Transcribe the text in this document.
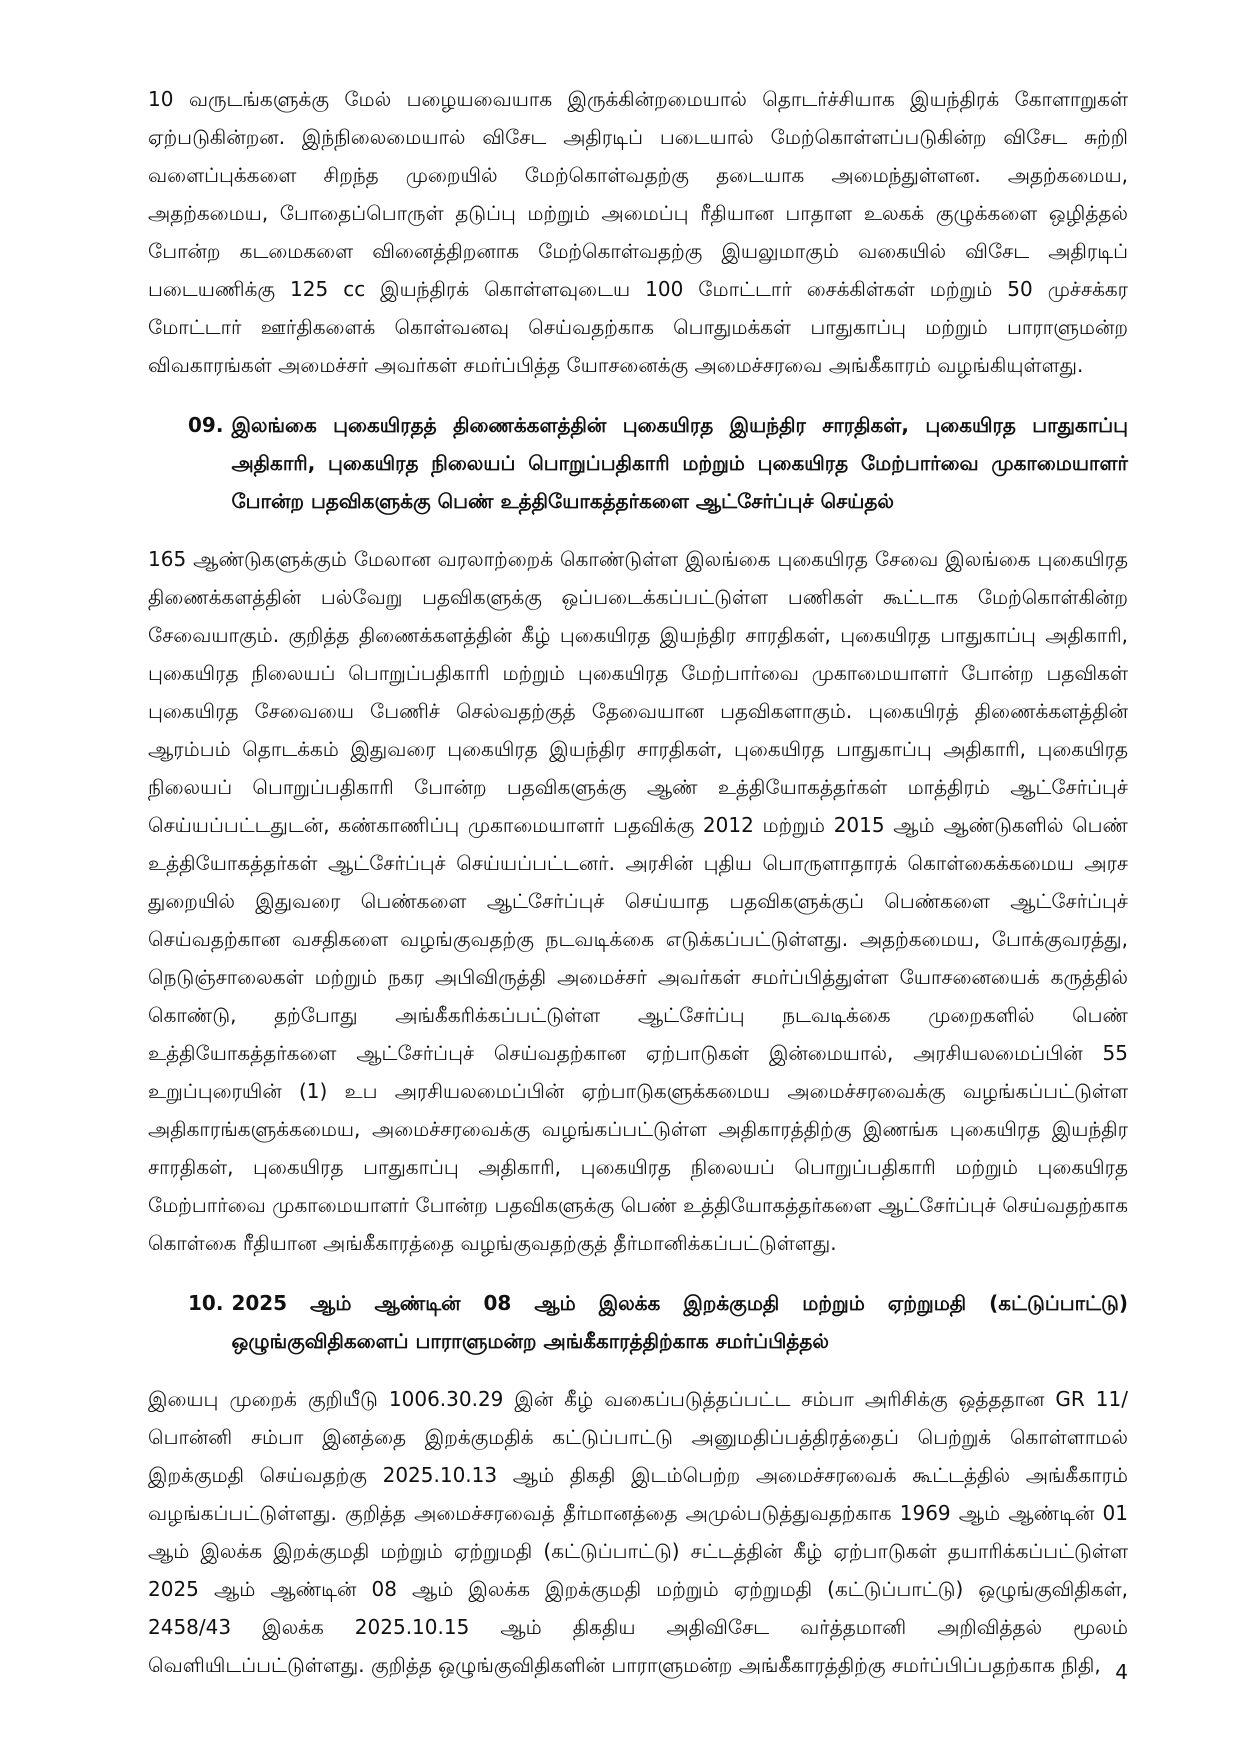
10 வருடங்களுக்கு மேல் பழையவையாக இருக்கின்றமையால் தொடர்ச்சியாக இயந்திரக் கோளாறுகள் ஏற்படுகின்றன. இந்நிலைமையால் விசேட அதிரடிப் படையால் மேற்கொள்ளப்படுகின்ற விசேட சுற்றி வளைப்புக்களை சிறந்த முறையில் மேற்கொள்வதற்கு தடையாக அமைந்துள்ளன. அதற்கமைய, அதற்கமைய, போதைப்பொருள் தடுப்பு மற்றும் அமைப்பு ரீதியான பாதாள உலகக் குழுக்களை ஒழித்தல் போன்ற கடமைகளை வினைத்திறனாக மேற்கொள்வதற்கு இயலுமாகும் வகையில் விசேட அதிரடிப் படையணிக்கு 125 cc இயந்திரக் கொள்ளவுடைய 100 மோட்டார் சைக்கிள்கள் மற்றும் 50 முச்சக்கர மோட்டார் ஊர்திகளைக் கொள்வனவு செய்வதற்காக பொதுமக்கள் பாதுகாப்பு மற்றும் பாராளுமன்ற விவகாரங்கள் அமைச்சர் அவர்கள் சமர்ப்பித்த யோசனைக்கு அமைச்சரவை அங்கீகாரம் வழங்கியுள்ளது.

09. இலங்கை புகையிரதத் திணைக்களத்தின் புகையிரத இயந்திர சாரதிகள், புகையிரத பாதுகாப்பு அதிகாரி, புகையிரத நிலையப் பொறுப்பதிகாரி மற்றும் புகையிரத மேற்பார்வை முகாமையாளர் போன்ற பதவிகளுக்கு பெண் உத்தியோகத்தர்களை ஆட்சேர்ப்புச் செய்தல்

165 ஆண்டுகளுக்கும் மேலான வரலாற்றைக் கொண்டுள்ள இலங்கை புகையிரத சேவை இலங்கை புகையிரத திணைக்களத்தின் பல்வேறு பதவிகளுக்கு ஒப்படைக்கப்பட்டுள்ள பணிகள் கூட்டாக மேற்கொள்கின்ற சேவையாகும். குறித்த திணைக்களத்தின் கீழ் புகையிரத இயந்திர சாரதிகள், புகையிரத பாதுகாப்பு அதிகாரி, புகையிரத நிலையப் பொறுப்பதிகாரி மற்றும் புகையிரத மேற்பார்வை முகாமையாளர் போன்ற பதவிகள் புகையிரத சேவையை பேணிச் செல்வதற்குத் தேவையான பதவிகளாகும். புகையிரத் திணைக்களத்தின் ஆரம்பம் தொடக்கம் இதுவரை புகையிரத இயந்திர சாரதிகள், புகையிரத பாதுகாப்பு அதிகாரி, புகையிரத நிலையப் பொறுப்பதிகாரி போன்ற பதவிகளுக்கு ஆண் உத்தியோகத்தர்கள் மாத்திரம் ஆட்சேர்ப்புச் செய்யப்பட்டதுடன், கண்காணிப்பு முகாமையாளர் பதவிக்கு 2012 மற்றும் 2015 ஆம் ஆண்டுகளில் பெண் உத்தியோகத்தர்கள் ஆட்சேர்ப்புச் செய்யப்பட்டனர். அரசின் புதிய பொருளாதாரக் கொள்கைக்கமைய அரச துறையில் இதுவரை பெண்களை ஆட்சேர்ப்புச் செய்யாத பதவிகளுக்குப் பெண்களை ஆட்சேர்ப்புச் செய்வதற்கான வசதிகளை வழங்குவதற்கு நடவடிக்கை எடுக்கப்பட்டுள்ளது. அதற்கமைய, போக்குவரத்து, நெடுஞ்சாலைகள் மற்றும் நகர அபிவிருத்தி அமைச்சர் அவர்கள் சமர்ப்பித்துள்ள யோசனையைக் கருத்தில் கொண்டு, தற்போது அங்கீகரிக்கப்பட்டுள்ள ஆட்சேர்ப்பு நடவடிக்கை முறைகளில் பெண் உத்தியோகத்தர்களை ஆட்சேர்ப்புச் செய்வதற்கான ஏற்பாடுகள் இன்மையால், அரசியலமைப்பின் 55 உறுப்புரையின் (1) உப அரசியலமைப்பின் ஏற்பாடுகளுக்கமைய அமைச்சரவைக்கு வழங்கப்பட்டுள்ள அதிகாரங்களுக்கமைய, அமைச்சரவைக்கு வழங்கப்பட்டுள்ள அதிகாரத்திற்கு இணங்க புகையிரத இயந்திர சாரதிகள், புகையிரத பாதுகாப்பு அதிகாரி, புகையிரத நிலையப் பொறுப்பதிகாரி மற்றும் புகையிரத மேற்பார்வை முகாமையாளர் போன்ற பதவிகளுக்கு பெண் உத்தியோகத்தர்களை ஆட்சேர்ப்புச் செய்வதற்காக கொள்கை ரீதியான அங்கீகாரத்தை வழங்குவதற்குத் தீர்மானிக்கப்பட்டுள்ளது.

10. 2025 ஆம் ஆண்டின் 08 ஆம் இலக்க இறக்குமதி மற்றும் ஏற்றுமதி (கட்டுப்பாட்டு) ஒழுங்குவிதிகளைப் பாராளுமன்ற அங்கீகாரத்திற்காக சமர்ப்பித்தல்

இயைபு முறைக் குறியீடு 1006.30.29 இன் கீழ் வகைப்படுத்தப்பட்ட சம்பா அரிசிக்கு ஒத்ததான GR 11/ பொன்னி சம்பா இனத்தை இறக்குமதிக் கட்டுப்பாட்டு அனுமதிப்பத்திரத்தைப் பெற்றுக் கொள்ளாமல் இறக்குமதி செய்வதற்கு 2025.10.13 ஆம் திகதி இடம்பெற்ற அமைச்சரவைக் கூட்டத்தில் அங்கீகாரம் வழங்கப்பட்டுள்ளது. குறித்த அமைச்சரவைத் தீர்மானத்தை அமுல்படுத்துவதற்காக 1969 ஆம் ஆண்டின் 01 ஆம் இலக்க இறக்குமதி மற்றும் ஏற்றுமதி (கட்டுப்பாட்டு) சட்டத்தின் கீழ் ஏற்பாடுகள் தயாரிக்கப்பட்டுள்ள 2025 ஆம் ஆண்டின் 08 ஆம் இலக்க இறக்குமதி மற்றும் ஏற்றுமதி (கட்டுப்பாட்டு) ஒழுங்குவிதிகள், 2458/43 இலக்க 2025.10.15 ஆம் திகதிய அதிவிசேட வர்த்தமானி அறிவித்தல் மூலம் வெளியிடப்பட்டுள்ளது. குறித்த ஒழுங்குவிதிகளின் பாராளுமன்ற அங்கீகாரத்திற்கு சமர்ப்பிப்பதற்காக நிதி, 4
